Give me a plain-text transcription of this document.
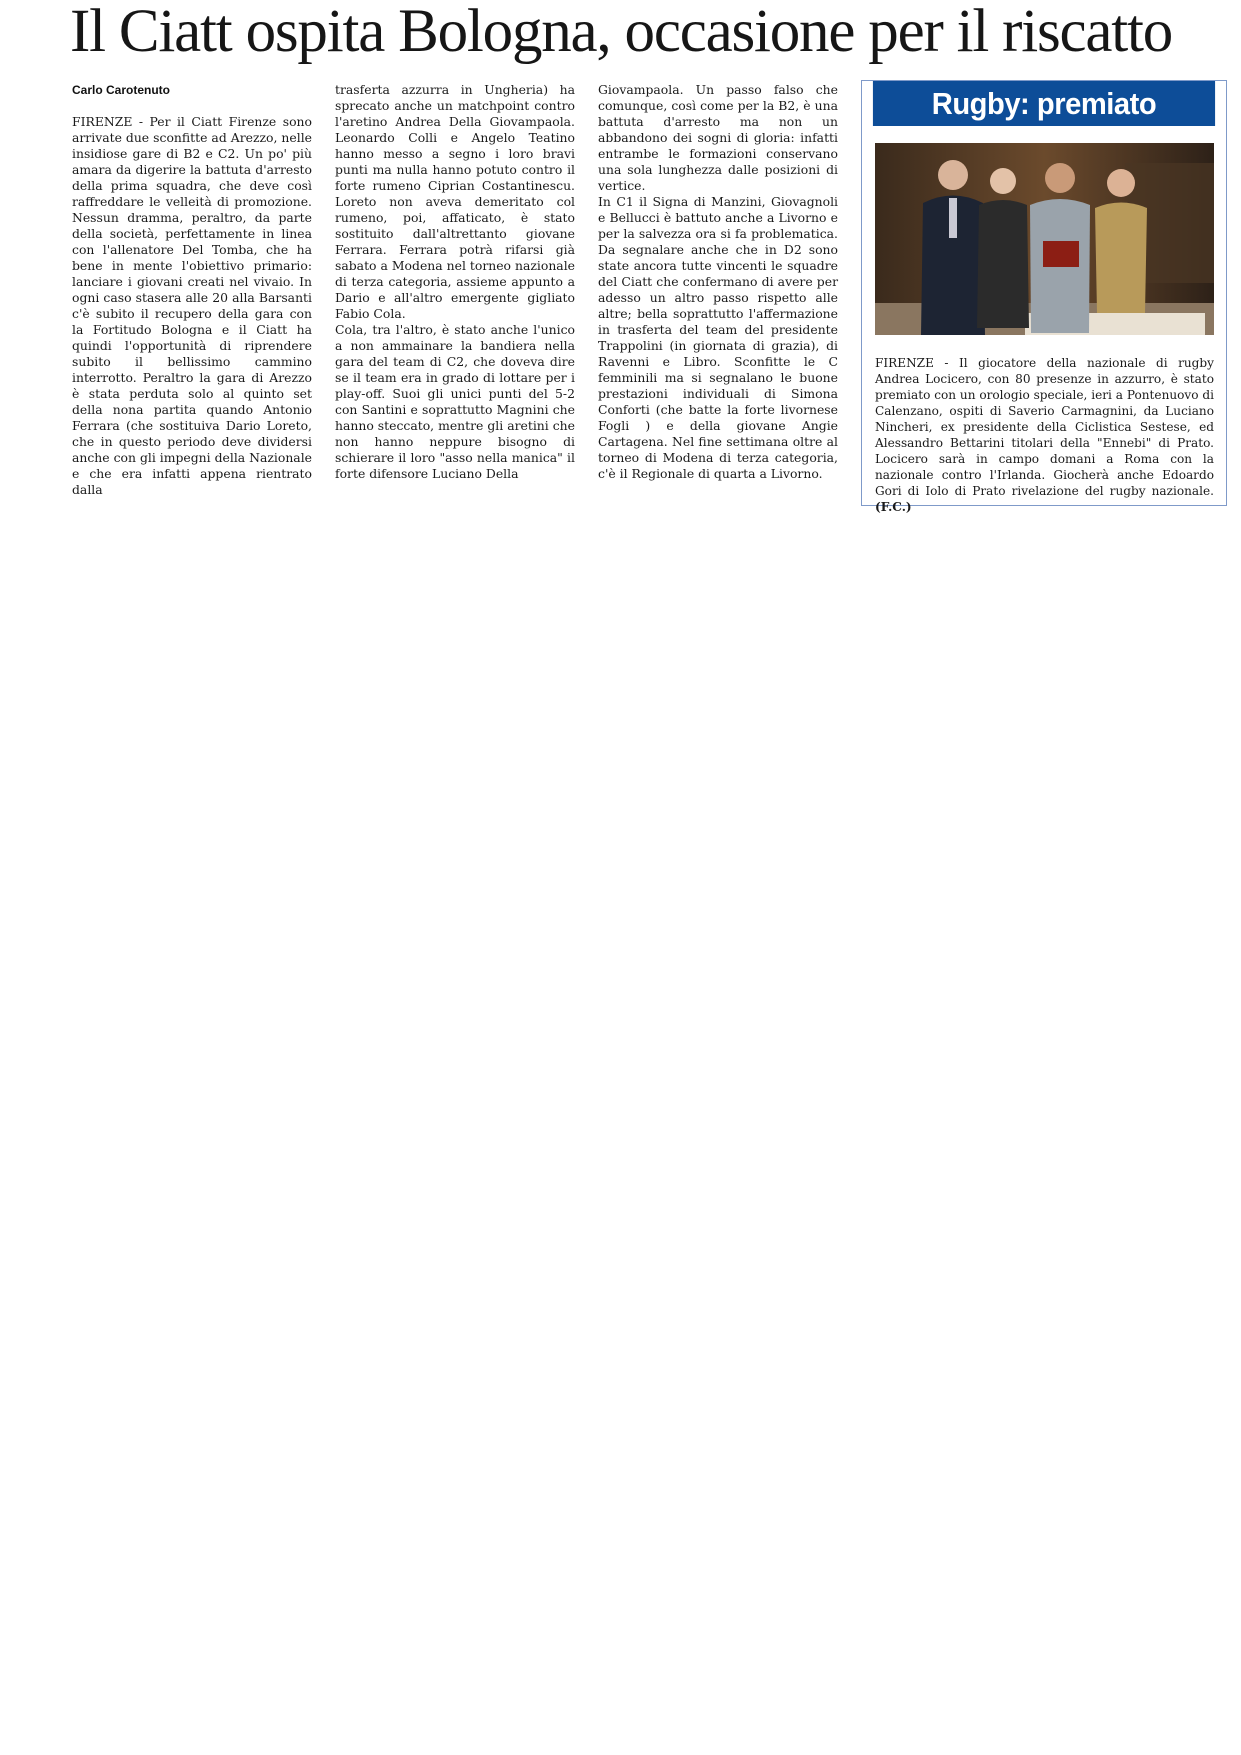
Il Ciatt ospita Bologna, occasione per il riscatto
Carlo Carotenuto

FIRENZE - Per il Ciatt Firenze sono arrivate due sconfitte ad Arezzo, nelle insidiose gare di B2 e C2. Un po' più amara da digerire la battuta d'arresto della prima squadra, che deve così raffreddare le velleità di promozione. Nessun dramma, peraltro, da parte della società, perfettamente in linea con l'allenatore Del Tomba, che ha bene in mente l'obiettivo primario: lanciare i giovani creati nel vivaio. In ogni caso stasera alle 20 alla Barsanti c'è subito il recupero della gara con la Fortitudo Bologna e il Ciatt ha quindi l'opportunità di riprendere subito il bellissimo cammino interrotto. Peraltro la gara di Arezzo è stata perduta solo al quinto set della nona partita quando Antonio Ferrara (che sostituiva Dario Loreto, che in questo periodo deve dividersi anche con gli impegni della Nazionale e che era infatti appena rientrato dalla

trasferta azzurra in Ungheria) ha sprecato anche un matchpoint contro l'aretino Andrea Della Giovampaola. Leonardo Colli e Angelo Teatino hanno messo a segno i loro bravi punti ma nulla hanno potuto contro il forte rumeno Ciprian Costantinescu. Loreto non aveva demeritato col rumeno, poi, affaticato, è stato sostituito dall'altrettanto giovane Ferrara. Ferrara potrà rifarsi già sabato a Modena nel torneo nazionale di terza categoria, assieme appunto a Dario e all'altro emergente gigliato Fabio Cola.

Cola, tra l'altro, è stato anche l'unico a non ammainare la bandiera nella gara del team di C2, che doveva dire se il team era in grado di lottare per i play-off. Suoi gli unici punti del 5-2 con Santini e soprattutto Magnini che hanno steccato, mentre gli aretini che non hanno neppure bisogno di schierare il loro "asso nella manica" il forte difensore Luciano Della

Giovampaola. Un passo falso che comunque, così come per la B2, è una battuta d'arresto ma non un abbandono dei sogni di gloria: infatti entrambe le formazioni conservano una sola lunghezza dalle posizioni di vertice.

In C1 il Signa di Manzini, Giovagnoli e Bellucci è battuto anche a Livorno e per la salvezza ora si fa problematica. Da segnalare anche che in D2 sono state ancora tutte vincenti le squadre del Ciatt che confermano di avere per adesso un altro passo rispetto alle altre; bella soprattutto l'affermazione in trasferta del team del presidente Trappolini (in giornata di grazia), di Ravenni e Libro. Sconfitte le C femminili ma si segnalano le buone prestazioni individuali di Simona Conforti (che batte la forte livornese Fogli ) e della giovane Angie Cartagena. Nel fine settimana oltre al torneo di Modena di terza categoria, c'è il Regionale di quarta a Livorno.

Rugby: premiato

FIRENZE - Il giocatore della nazionale di rugby Andrea Locicero, con 80 presenze in azzurro, è stato premiato con un orologio speciale, ieri a Pontenuovo di Calenzano, ospiti di Saverio Carmagnini, da Luciano Nincheri, ex presidente della Ciclistica Sestese, ed Alessandro Bettarini titolari della "Ennebi" di Prato. Locicero sarà in campo domani a Roma con la nazionale contro l'Irlanda. Giocherà anche Edoardo Gori di Iolo di Prato rivelazione del rugby nazionale. (F.C.)
